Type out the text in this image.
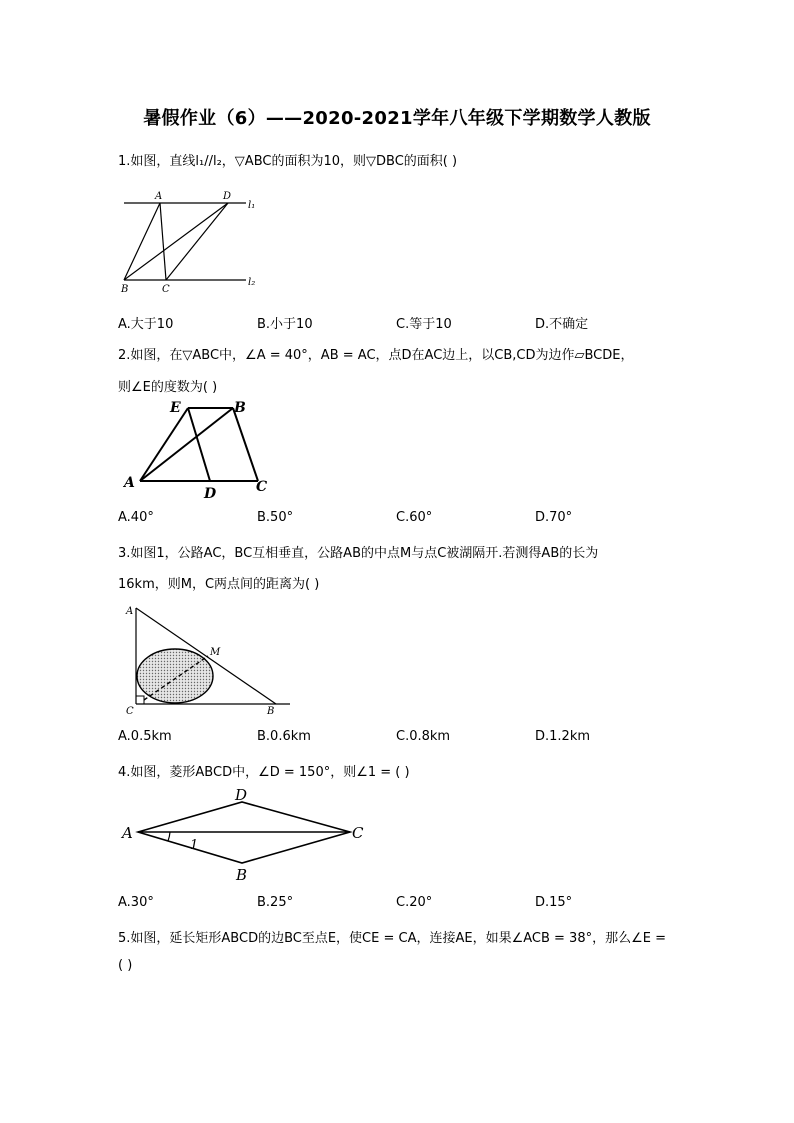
暑假作业（6）——2020-2021学年八年级下学期数学人教版
1.如图，直线l₁//l₂，▽ABC的面积为10，则▽DBC的面积( )
A	D
l₁
B	C
l₂
A.大于10	B.小于10	C.等于10	D.不确定
2.如图，在▽ABC中，∠A = 40°，AB = AC，点D在AC边上，以CB,CD为边作▱BCDE，
则∠E的度数为( )
E	B
A
D	C
A.40°	B.50°	C.60°	D.70°
3.如图1，公路AC，BC互相垂直，公路AB的中点M与点C被湖隔开.若测得AB的长为
16km，则M，C两点间的距离为( )
A
M
C	B
A.0.5km	B.0.6km	C.0.8km	D.1.2km
4.如图，菱形ABCD中，∠D = 150°，则∠1 = ( )
D
A	C
B
1
A.30°	B.25°	C.20°	D.15°
5.如图，延长矩形ABCD的边BC至点E，使CE = CA，连接AE，如果∠ACB = 38°，那么∠E =
( )
